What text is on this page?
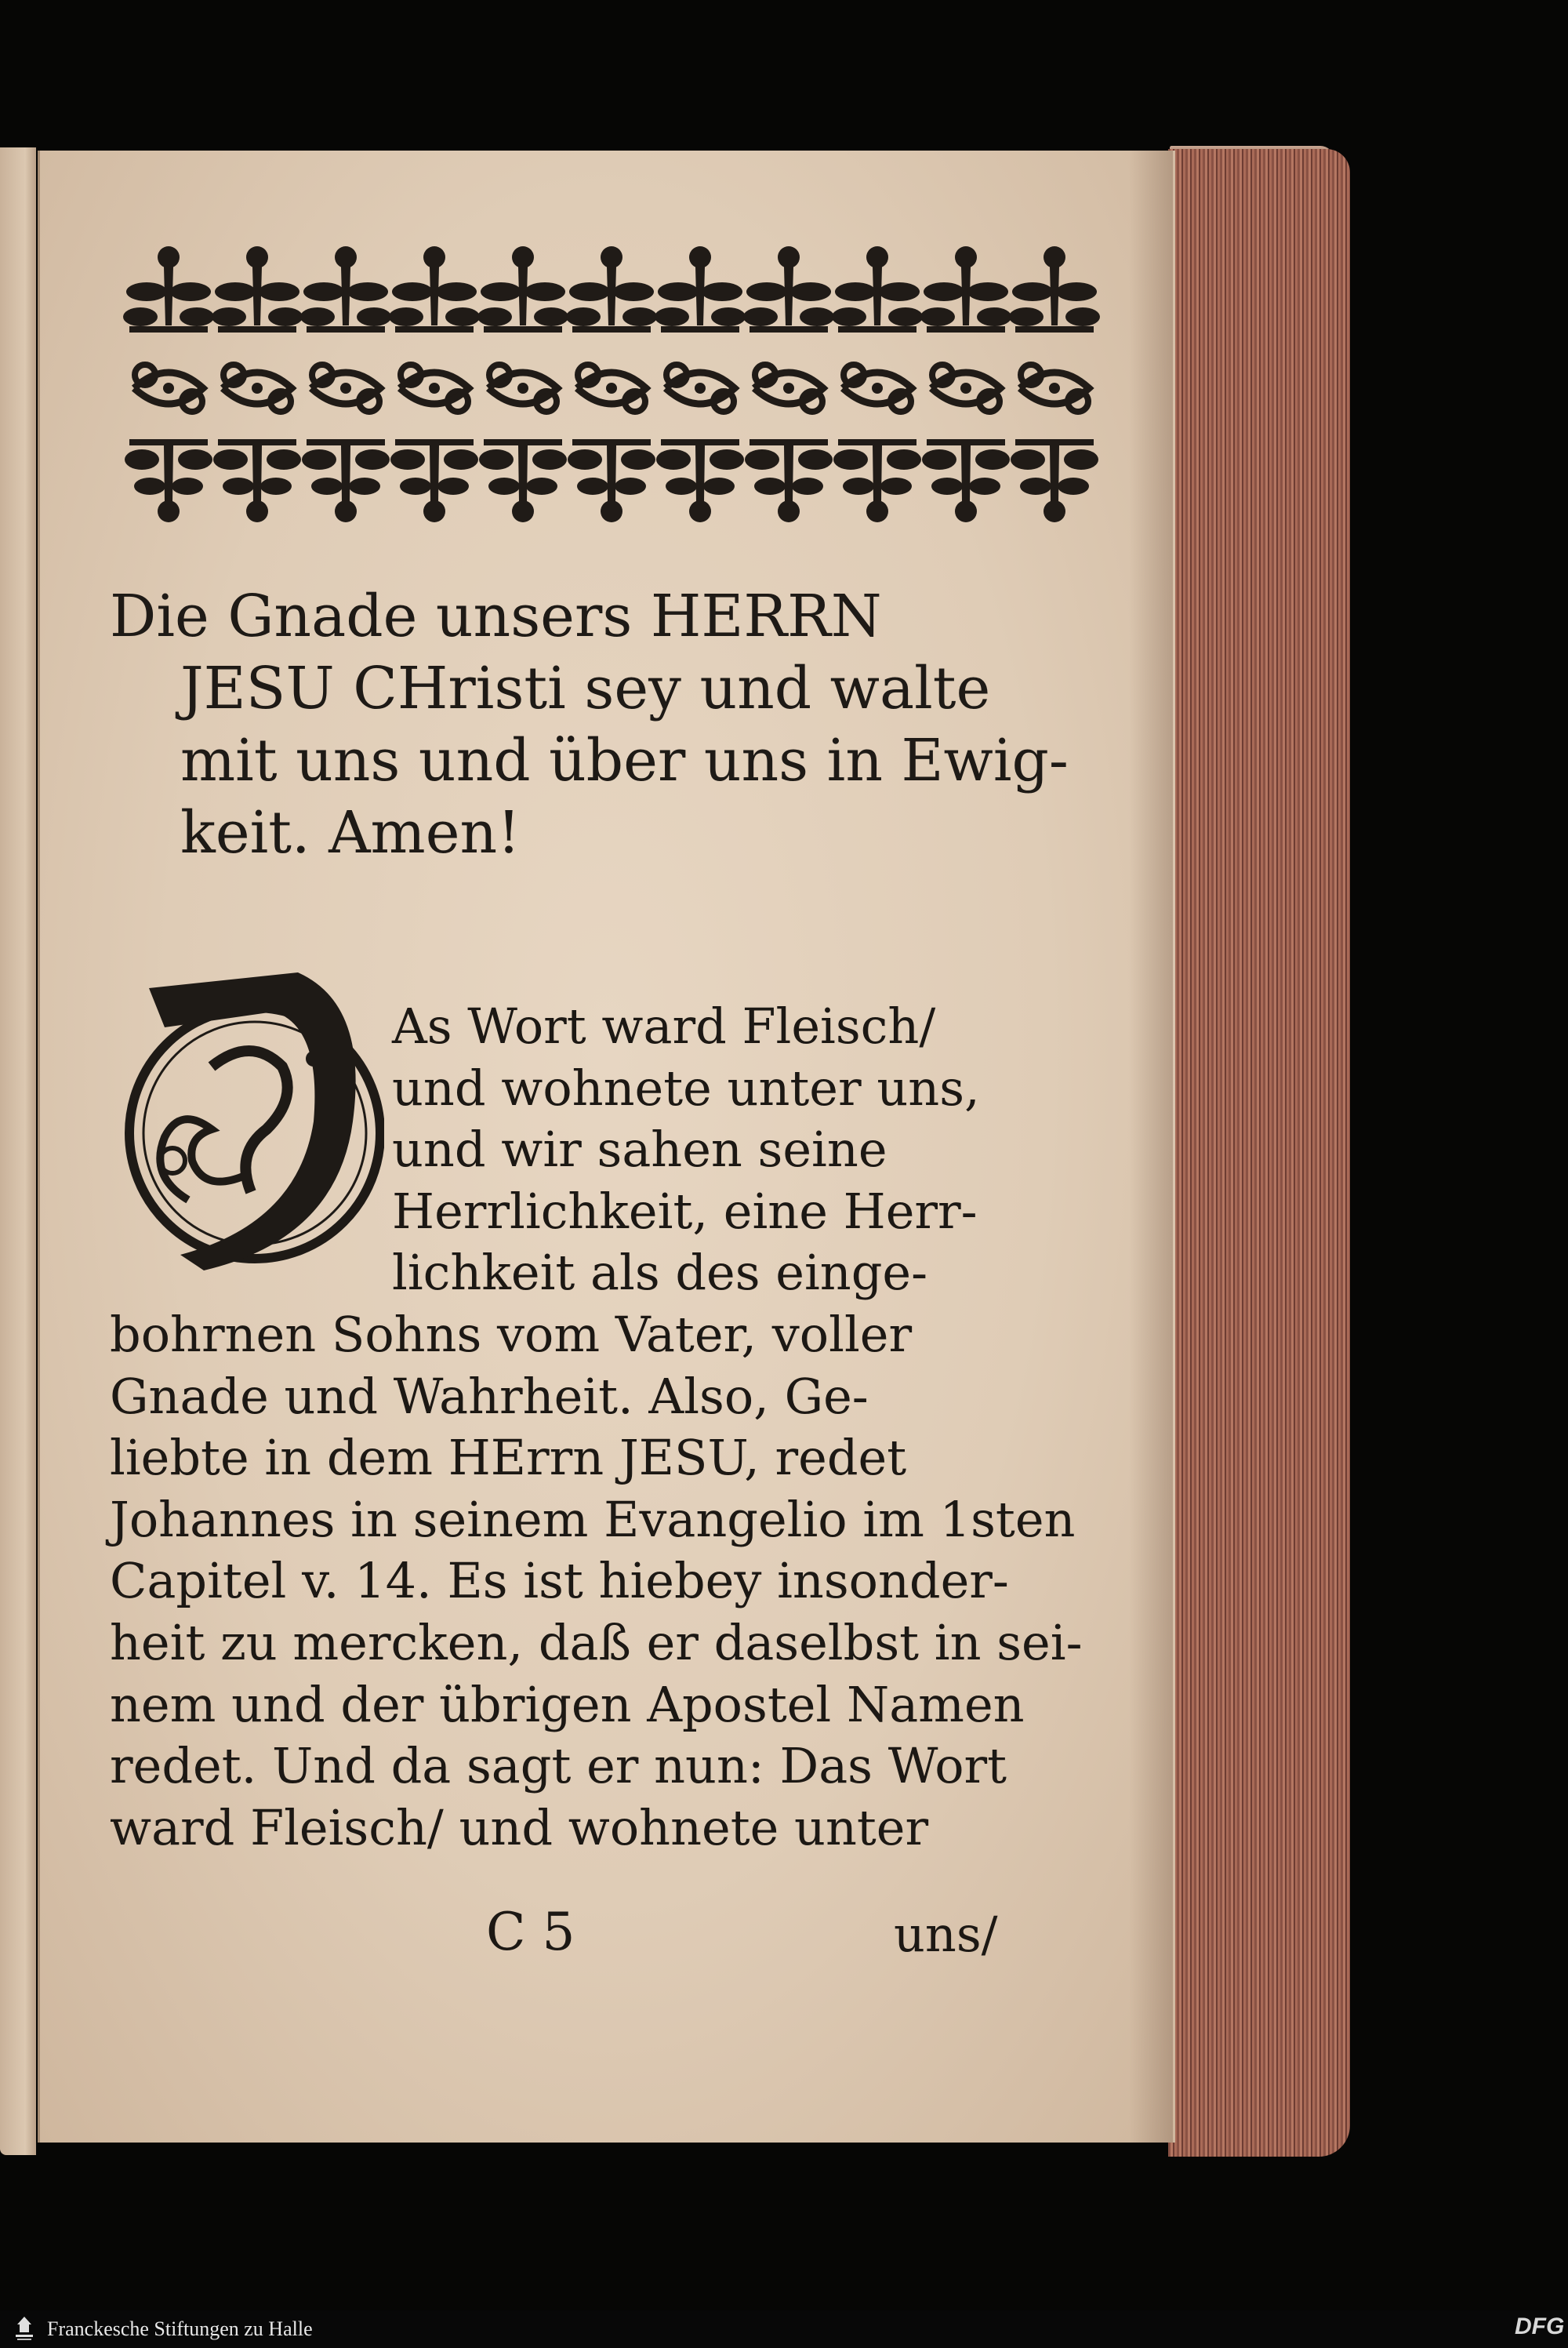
Die Gnade unsers HERRN
JESU CHristi sey und walte
mit uns und über uns in Ewig-
keit. Amen!
As Wort ward Fleisch/
und wohnete unter uns,
und wir sahen seine
Herrlichkeit, eine Herr-
lichkeit als des einge-
bohrnen Sohns vom Vater, voller
Gnade und Wahrheit. Also, Ge-
liebte in dem HErrn JESU, redet
Johannes in seinem Evangelio im 1sten
Capitel v. 14. Es ist hiebey insonder-
heit zu mercken, daß er daselbst in sei-
nem und der übrigen Apostel Namen
redet. Und da sagt er nun: Das Wort
ward Fleisch/ und wohnete unter
C 5	uns/
Franckesche Stiftungen zu Halle	DFG
